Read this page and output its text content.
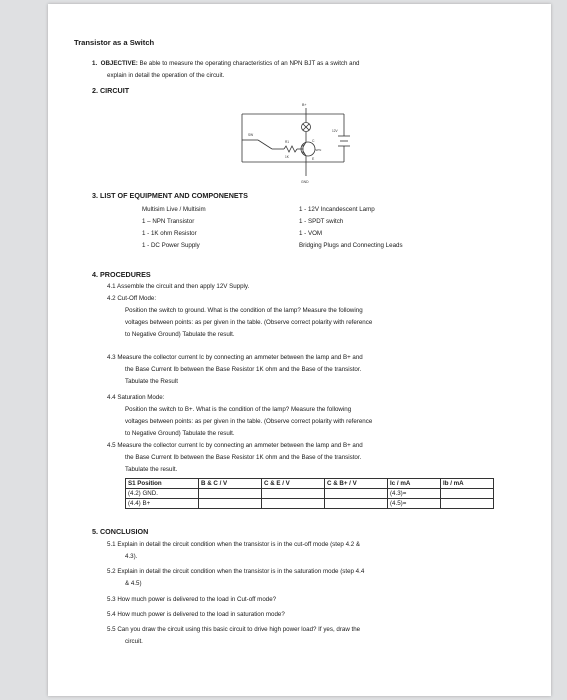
Transistor as a Switch
1. OBJECTIVE: Be able to measure the operating characteristics of an NPN BJT as a switch and
explain in detail the operation of the circuit.
2. CIRCUIT
B+
C
E
GND
SW
R1
1K
NPN
12V
3. LIST OF EQUIPMENT AND COMPONENETS
Multisim Live / Multisim
1 – NPN Transistor
1 - 1K ohm Resistor
1 - DC Power Supply
1 - 12V Incandescent Lamp
1 - SPDT switch
1 - VOM
Bridging Plugs and Connecting Leads
4. PROCEDURES
4.1 Assemble the circuit and then apply 12V Supply.
4.2 Cut-Off Mode:
Position the switch to ground. What is the condition of the lamp? Measure the following
voltages between points: as per given in the table. (Observe correct polarity with reference
to Negative Ground) Tabulate the result.
4.3 Measure the collector current Ic by connecting an ammeter between the lamp and B+ and
the Base Current Ib between the Base Resistor 1K ohm and the Base of the transistor.
Tabulate the Result
4.4 Saturation Mode:
Position the switch to B+. What is the condition of the lamp? Measure the following
voltages between points: as per given in the table. (Observe correct polarity with reference
to Negative Ground) Tabulate the result.
4.5 Measure the collector current Ic by connecting an ammeter between the lamp and B+ and
the Base Current Ib between the Base Resistor 1K ohm and the Base of the transistor.
Tabulate the result.
S1 Position	B & C / V	C & E / V	C & B+ / V	Ic / mA	Ib / mA
(4.2) GND.				(4.3)=	
(4.4) B+				(4.5)=	
5. CONCLUSION
5.1 Explain in detail the circuit condition when the transistor is in the cut-off mode (step 4.2 &
4.3).
5.2 Explain in detail the circuit condition when the transistor is in the saturation mode (step 4.4
& 4.5)
5.3 How much power is delivered to the load in Cut-off mode?
5.4 How much power is delivered to the load in saturation mode?
5.5 Can you draw the circuit using this basic circuit to drive high power load? If yes, draw the
circuit.
